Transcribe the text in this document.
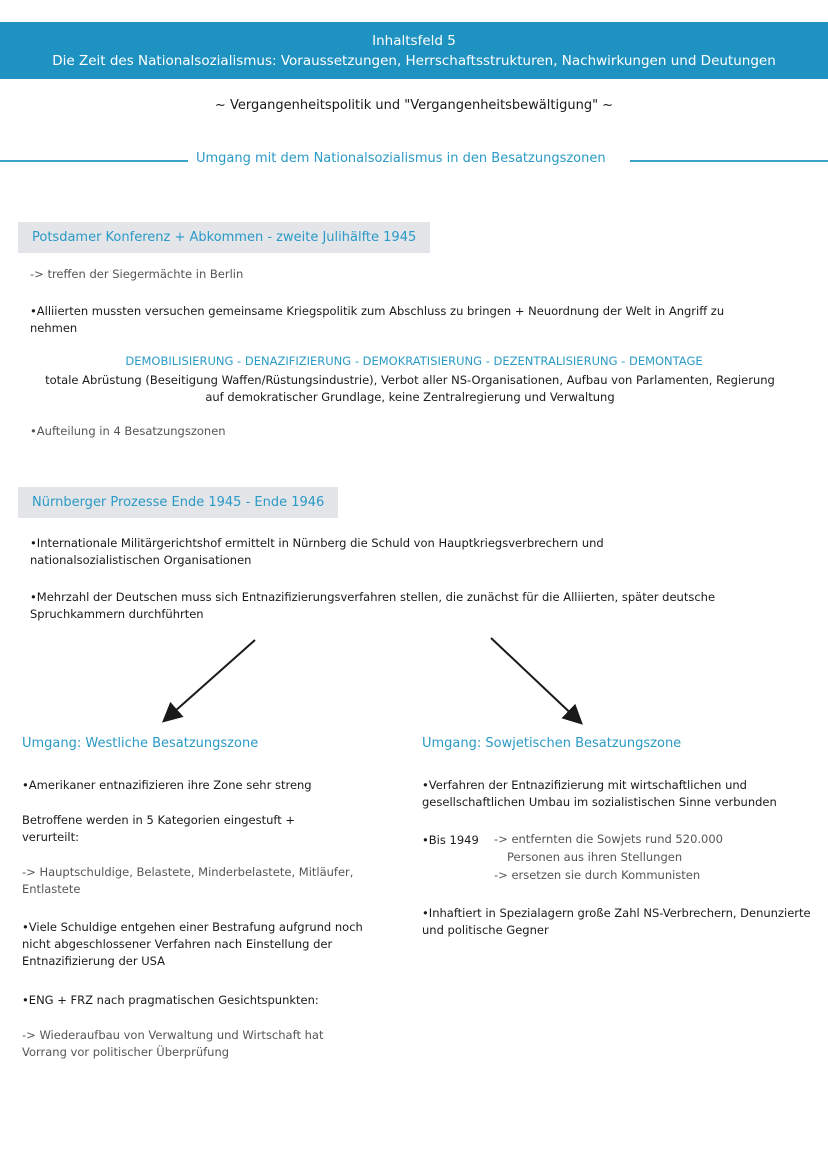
Inhaltsfeld 5
Die Zeit des Nationalsozialismus: Voraussetzungen, Herrschaftsstrukturen, Nachwirkungen und Deutungen
~ Vergangenheitspolitik und "Vergangenheitsbewältigung" ~
Umgang mit dem Nationalsozialismus in den Besatzungszonen
Potsdamer Konferenz + Abkommen - zweite Julihälfte 1945
-> treffen der Siegermächte in Berlin
• Alliierten mussten versuchen gemeinsame Kriegspolitik zum Abschluss zu bringen + Neuordnung der Welt in Angriff zu nehmen
DEMOBILISIERUNG - DENAZIFIZIERUNG - DEMOKRATISIERUNG - DEZENTRALISIERUNG - DEMONTAGE
totale Abrüstung (Beseitigung Waffen/Rüstungsindustrie), Verbot aller NS-Organisationen, Aufbau von Parlamenten, Regierung auf demokratischer Grundlage, keine Zentralregierung und Verwaltung
• Aufteilung in 4 Besatzungszonen
Nürnberger Prozesse Ende 1945 - Ende 1946
• Internationale Militärgerichtshof ermittelt in Nürnberg die Schuld von Hauptkriegsverbrechern und nationalsozialistischen Organisationen
• Mehrzahl der Deutschen muss sich Entnazifizierungsverfahren stellen, die zunächst für die Alliierten, später deutsche Spruchkammern durchführten
Umgang: Westliche Besatzungszone
• Amerikaner entnazifizieren ihre Zone sehr streng
Betroffene werden in 5 Kategorien eingestuft + verurteilt:
-> Hauptschuldige, Belastete, Minderbelastete, Mitläufer, Entlastete
• Viele Schuldige entgehen einer Bestrafung aufgrund noch nicht abgeschlossener Verfahren nach Einstellung der Entnazifizierung der USA
• ENG + FRZ nach pragmatischen Gesichtspunkten:
-> Wiederaufbau von Verwaltung und Wirtschaft hat Vorrang vor politischer Überprüfung
Umgang: Sowjetischen Besatzungszone
• Verfahren der Entnazifizierung mit wirtschaftlichen und gesellschaftlichen Umbau im sozialistischen Sinne verbunden
• Bis 1949 -> entfernten die Sowjets rund 520.000
Personen aus ihren Stellungen
-> ersetzen sie durch Kommunisten
• Inhaftiert in Spezialagern große Zahl NS-Verbrechern, Denunzierte und politische Gegner
